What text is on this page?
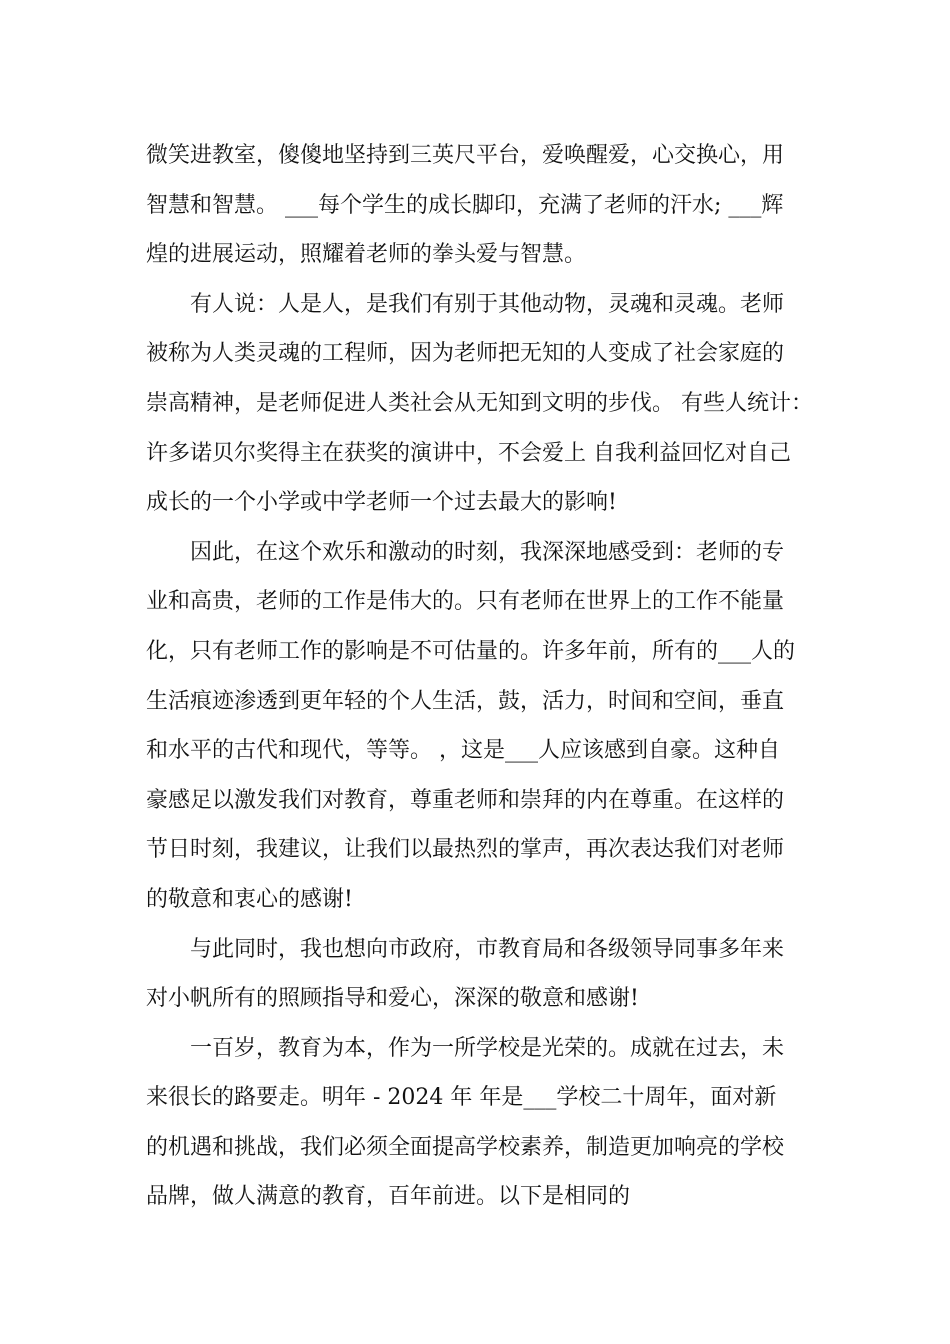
微笑进教室，傻傻地坚持到三英尺平台，爱唤醒爱，心交换心，用
智慧和智慧。 ___每个学生的成长脚印，充满了老师的汗水; ___辉
煌的进展运动，照耀着老师的拳头爱与智慧。
　　有人说：人是人，是我们有别于其他动物，灵魂和灵魂。老师
被称为人类灵魂的工程师，因为老师把无知的人变成了社会家庭的
崇高精神，是老师促进人类社会从无知到文明的步伐。 有些人统计：
许多诺贝尔奖得主在获奖的演讲中，不会爱上 自我利益回忆对自己
成长的一个小学或中学老师一个过去最大的影响!
　　因此，在这个欢乐和激动的时刻，我深深地感受到：老师的专
业和高贵，老师的工作是伟大的。只有老师在世界上的工作不能量
化，只有老师工作的影响是不可估量的。许多年前，所有的___人的
生活痕迹渗透到更年轻的个人生活，鼓，活力，时间和空间，垂直
和水平的古代和现代，等等。 ，这是___人应该感到自豪。这种自
豪感足以激发我们对教育，尊重老师和崇拜的内在尊重。在这样的
节日时刻，我建议，让我们以最热烈的掌声，再次表达我们对老师
的敬意和衷心的感谢!
　　与此同时，我也想向市政府，市教育局和各级领导同事多年来
对小帆所有的照顾指导和爱心，深深的敬意和感谢!
　　一百岁，教育为本，作为一所学校是光荣的。成就在过去，未
来很长的路要走。明年 - 2024 年 年是___学校二十周年，面对新
的机遇和挑战，我们必须全面提高学校素养，制造更加响亮的学校
品牌，做人满意的教育，百年前进。以下是相同的
